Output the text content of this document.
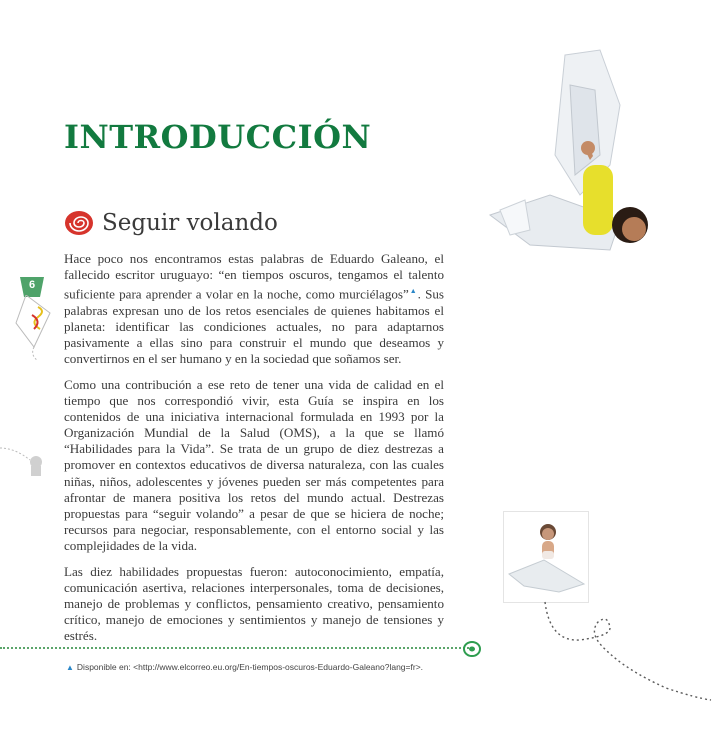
INTRODUCCIÓN
Seguir volando

Hace poco nos encontramos estas palabras de Eduardo Galeano, el fallecido escritor uruguayo: “en tiempos oscuros, tengamos el talento suficiente para aprender a volar en la noche, como murciélagos”▲. Sus palabras expresan uno de los retos esenciales de quienes habitamos el planeta: identificar las condiciones actuales, no para adaptarnos pasivamente a ellas sino para construir el mundo que deseamos y convertirnos en el ser humano y en la sociedad que soñamos ser.

Como una contribución a ese reto de tener una vida de calidad en el tiempo que nos correspondió vivir, esta Guía se inspira en los contenidos de una iniciativa internacional formulada en 1993 por la Organización Mundial de la Salud (OMS), a la que se llamó “Habilidades para la Vida”. Se trata de un grupo de diez destrezas a promover en contextos educativos de diversa naturaleza, con las cuales niñas, niños, adolescentes y jóvenes pueden ser más competentes para afrontar de manera positiva los retos del mundo actual. Destrezas propuestas para “seguir volando” a pesar de que se hiciera de noche; recursos para negociar, responsablemente, con el entorno social y las complejidades de la vida.

Las diez habilidades propuestas fueron: autoconocimiento, empatía, comunicación asertiva, relaciones interpersonales, toma de decisiones, manejo de problemas y conflictos, pensamiento creativo, pensamiento crítico, manejo de emociones y sentimientos y manejo de tensiones y estrés.

6
▲ Disponible en: <http://www.elcorreo.eu.org/En-tiempos-oscuros-Eduardo-Galeano?lang=fr>.
